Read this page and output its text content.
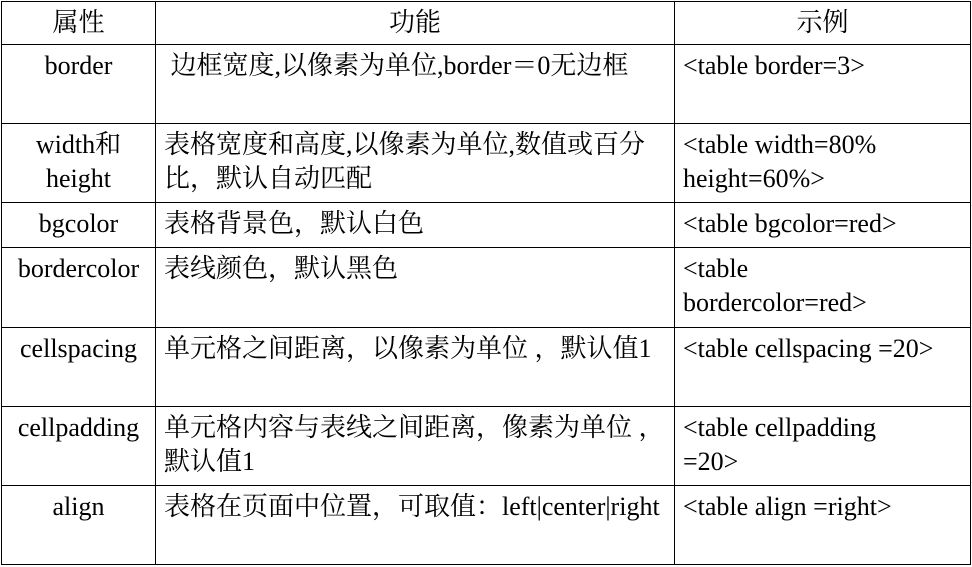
属性	功能	示例
border	边框宽度,以像素为单位,border＝0无边框	<table border=3>

width和height	表格宽度和高度,以像素为单位,数值或百分比，默认自动匹配	<table width=80% height=60%>

bgcolor	表格背景色，默认白色	<table bgcolor=red>
bordercolor	表线颜色，默认黑色	<table bordercolor=red>

cellspacing	单元格之间距离，以像素为单位 ，默认值1	<table cellspacing =20>
cellpadding	单元格内容与表线之间距离，像素为单位 ，默认值1	<table cellpadding =20>

align	表格在页面中位置，可取值：left|center|right	<table align =right>
